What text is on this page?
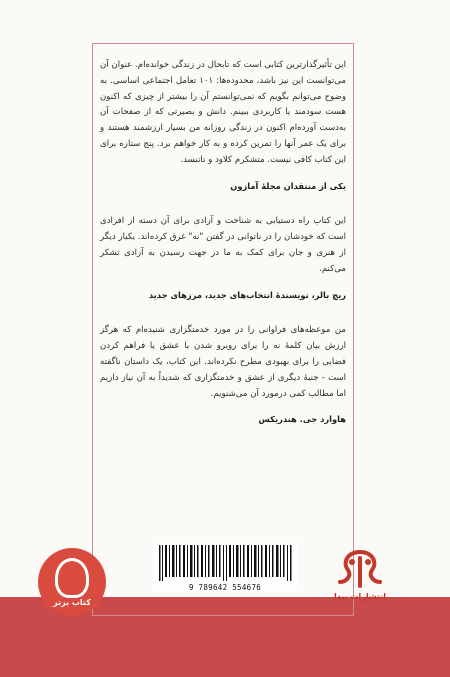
این تأثیرگذارترین کتابی است که تابحال در زندگی خوانده‌ام. عنوان آن می‌توانست این نیز باشد، محدوده‌ها: ۱۰۱ تعامل اجتماعی اساسی. به وضوح می‌توانم بگویم که نمی‌توانستم آن را بیشتر از چیزی که اکنون هست سودمند یا کاربردی ببینم. دانش و بصیرتی که از صفحات آن به‌دست آورده‌ام اکنون در زندگی روزانه من بسیار ارزشمند هستند و برای یک عمر آنها را تمرین کرده و به کار خواهم برد. پنج ستاره برای این کتاب کافی نیست. متشکرم کلاود و تاننسد.

یکی از منتقدان مجلهٔ آمازون

این کتاب راه دستیابی به شناخت و آزادی برای آن دسته از افرادی است که خودشان را در ناتوانی در گفتن "نه" غرق کرده‌اند. یکبار دیگر از هنری و جان برای کمک به ما در جهت رسیدن به آزادی تشکر می‌کنم.

ریچ بالر، نویسندهٔ انتخاب‌های جدید، مرزهای جدید

من موعظه‌های فراوانی را در مورد خدمتگزاری شنیده‌ام که هرگز ارزش بیان کلمهٔ نه را برای روبرو شدن با عشق یا فراهم کردن فضایی را برای بهبودی مطرح نکرده‌اند. این کتاب، یک داستان ناگفته است - جنبهٔ دیگری از عشق و خدمتگزاری که شدیداً به آن نیاز داریم اما مطالب کمی درمورد آن می‌شنویم.

هاوارد جی. هندریکس

کتاب برتر
9 789642 554676
انتشارات پیدا
